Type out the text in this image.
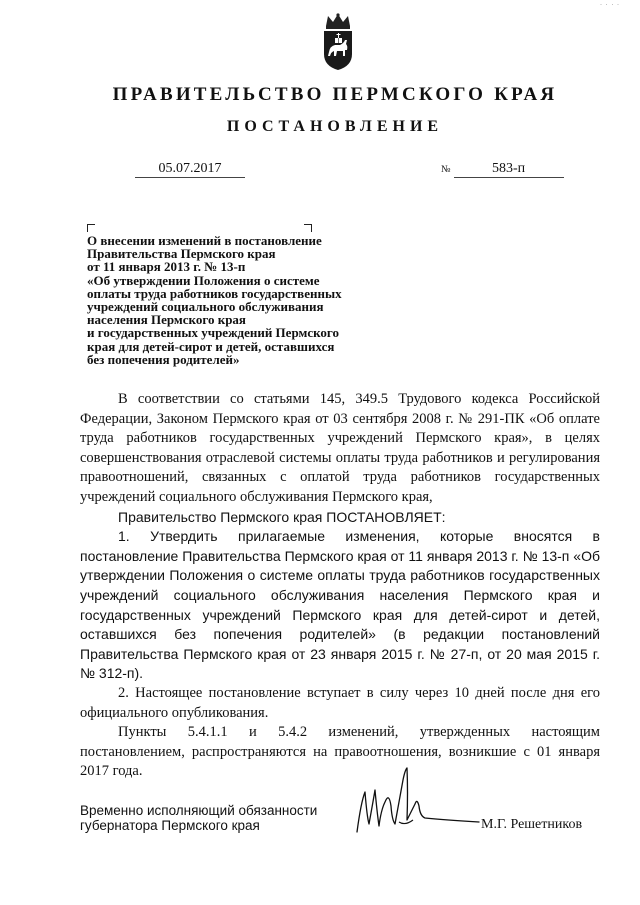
· · · ·
ПРАВИТЕЛЬСТВО ПЕРМСКОГО КРАЯ
ПОСТАНОВЛЕНИЕ
05.07.2017	№	583-п
О внесении изменений в постановление
Правительства Пермского края
от 11 января 2013 г. № 13-п
«Об утверждении Положения о системе
оплаты труда работников государственных
учреждений социального обслуживания
населения Пермского края
и государственных учреждений Пермского
края для детей-сирот и детей, оставшихся
без попечения родителей»

В соответствии со статьями 145, 349.5 Трудового кодекса Российской Федерации, Законом Пермского края от 03 сентября 2008 г. № 291-ПК «Об оплате труда работников государственных учреждений Пермского края», в целях совершенствования отраслевой системы оплаты труда работников и регулирования правоотношений, связанных с оплатой труда работников государственных учреждений социального обслуживания Пермского края,

Правительство Пермского края ПОСТАНОВЛЯЕТ:

1. Утвердить прилагаемые изменения, которые вносятся в постановление Правительства Пермского края от 11 января 2013 г. № 13-п «Об утверждении Положения о системе оплаты труда работников государственных учреждений социального обслуживания населения Пермского края и государственных учреждений Пермского края для детей-сирот и детей, оставшихся без попечения родителей» (в редакции постановлений Правительства Пермского края от 23 января 2015 г. № 27-п, от 20 мая 2015 г. № 312-п).

2. Настоящее постановление вступает в силу через 10 дней после дня его официального опубликования.

Пункты 5.4.1.1 и 5.4.2 изменений, утвержденных настоящим постановлением, распространяются на правоотношения, возникшие с 01 января 2017 года.

Временно исполняющий обязанности
губернатора Пермского края	М.Г. Решетников
